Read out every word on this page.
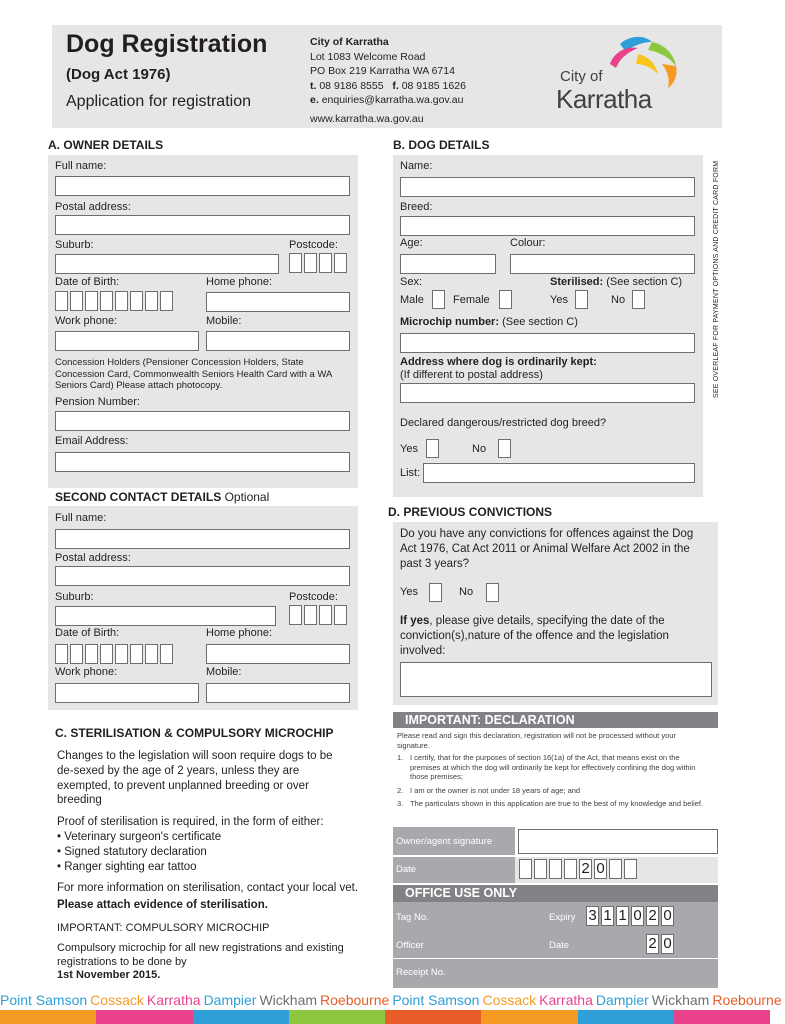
Dog Registration
(Dog Act 1976)
Application for registration
City of Karratha
Lot 1083 Welcome Road
PO Box 219 Karratha WA 6714
t. 08 9186 8555 f. 08 9185 1626
e. enquiries@karratha.wa.gov.au
www.karratha.wa.gov.au
City of
Karratha
SEE OVERLEAF FOR PAYMENT OPTIONS AND CREDIT CARD FORM
A. OWNER DETAILS
Full name:
Postal address:
Suburb:	Postcode:
Date of Birth:	Home phone:
Work phone:	Mobile:
Concession Holders (Pensioner Concession Holders, State Concession Card, Commonwealth Seniors Health Card with a WA Seniors Card) Please attach photocopy.
Pension Number:
Email Address:
SECOND CONTACT DETAILS Optional
Full name:
Postal address:
Suburb:	Postcode:
Date of Birth:	Home phone:
Work phone:	Mobile:
C. STERILISATION & COMPULSORY MICROCHIP
Changes to the legislation will soon require dogs to be de-sexed by the age of 2 years, unless they are exempted, to prevent unplanned breeding or over breeding
Proof of sterilisation is required, in the form of either:
• Veterinary surgeon's certificate
• Signed statutory declaration
• Ranger sighting ear tattoo
For more information on sterilisation, contact your local vet. Please attach evidence of sterilisation.
IMPORTANT: COMPULSORY MICROCHIP
Compulsory microchip for all new registrations and existing registrations to be done by
1st November 2015.
B. DOG DETAILS
Name:
Breed:
Age:	Colour:
Sex:	Sterilised: (See section C)
Male	Female	Yes	No
Microchip number: (See section C)
Address where dog is ordinarily kept:
(If different to postal address)
Declared dangerous/restricted dog breed?
Yes	No
List:
D. PREVIOUS CONVICTIONS
Do you have any convictions for offences against the Dog Act 1976, Cat Act 2011 or Animal Welfare Act 2002 in the past 3 years?
Yes	No
If yes, please give details, specifying the date of the conviction(s),nature of the offence and the legislation involved:
IMPORTANT: DECLARATION
Please read and sign this declaration, registration will not be processed without your signature.
1. I certify, that for the purposes of section 16(1a) of the Act, that means exist on the premises at which the dog will ordinarily be kept for effectively confining the dog within those premises;
2. I am or the owner is not under 18 years of age; and
3. The particulars shown in this application are true to the best of my knowledge and belief.
Owner/agent signature
Date	2 0
OFFICE USE ONLY
Tag No.	Expiry 3 1 1 0 2 0
Officer	Date	2 0
Receipt No.
Point Samson Cossack Karratha Dampier Wickham Roebourne Point Samson Cossack Karratha Dampier Wickham Roebourne
